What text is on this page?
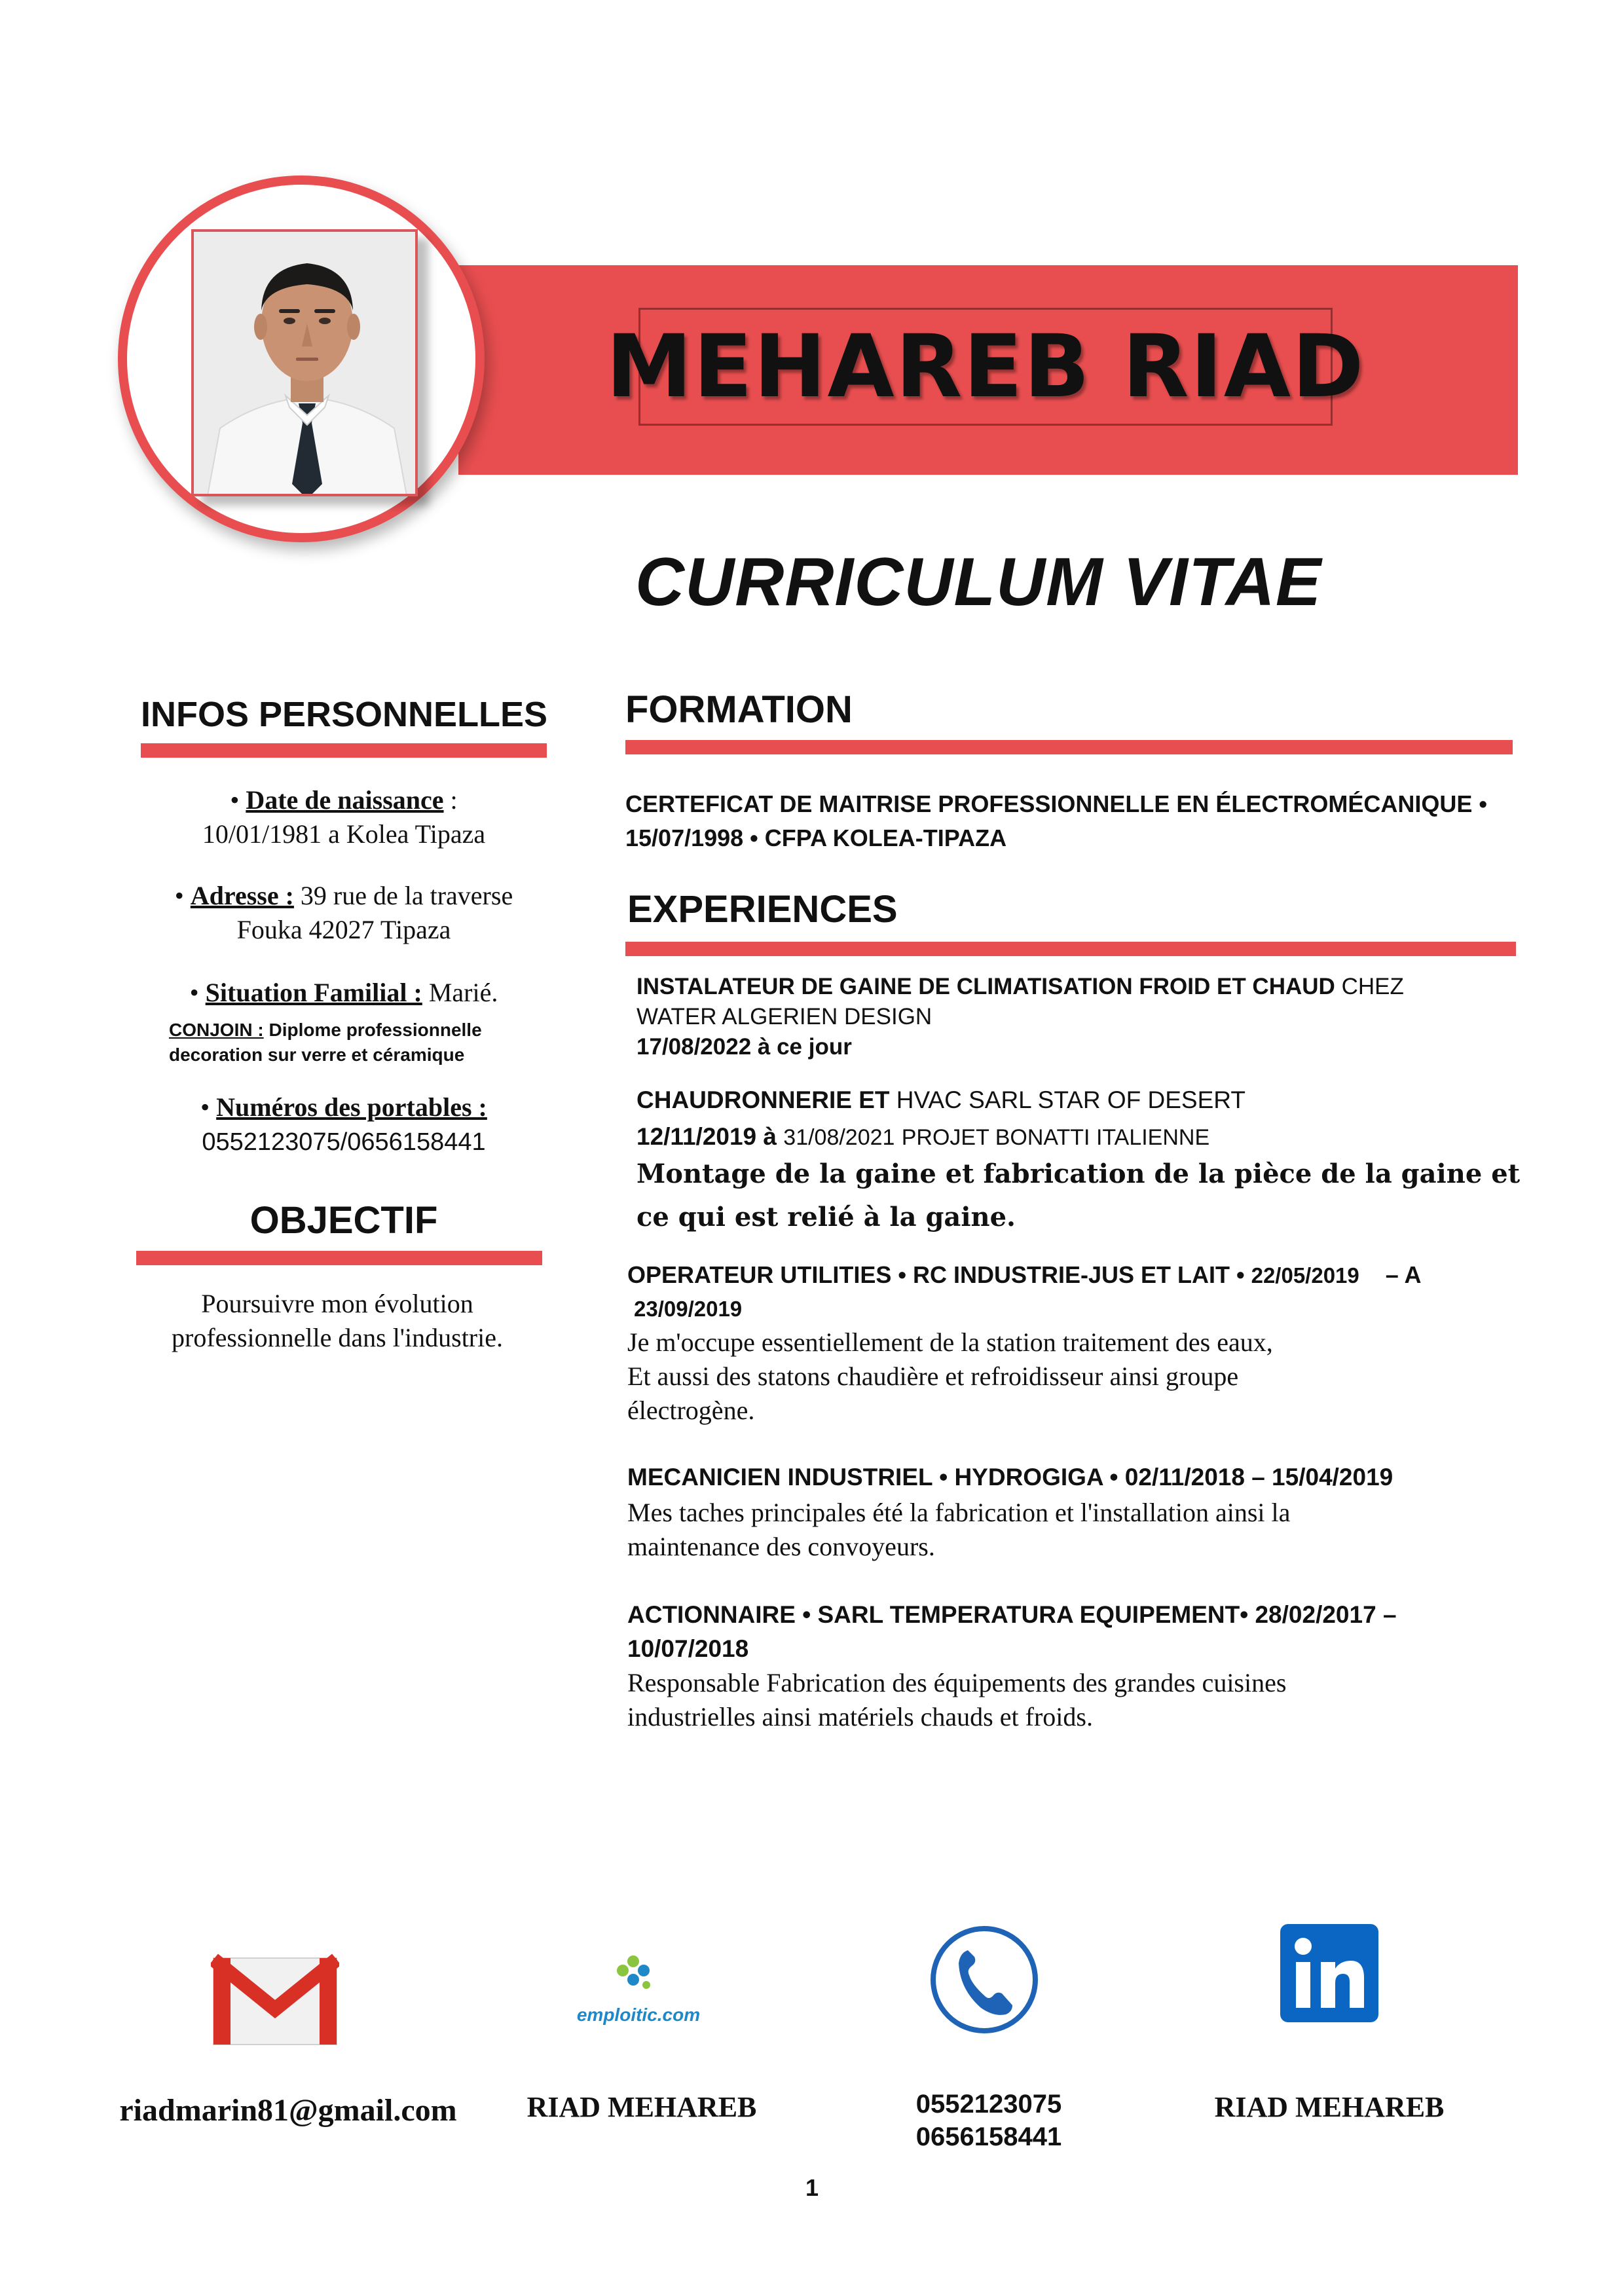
MEHAREB RIAD
CURRICULUM VITAE
INFOS PERSONNELLES
• Date de naissance :
10/01/1981 a Kolea Tipaza
• Adresse : 39 rue de la traverse Fouka 42027 Tipaza
• Situation Familial : Marié.
CONJOIN : Diplome professionnelle decoration sur verre et céramique
• Numéros des portables :
0552123075/0656158441
OBJECTIF
Poursuivre mon évolution professionnelle dans l'industrie.
FORMATION
CERTEFICAT DE MAITRISE PROFESSIONNELLE EN ÉLECTROMÉCANIQUE •
15/07/1998 • CFPA KOLEA-TIPAZA
EXPERIENCES
INSTALATEUR DE GAINE DE CLIMATISATION FROID ET CHAUD CHEZ
WATER ALGERIEN DESIGN
17/08/2022 à ce jour
CHAUDRONNERIE ET HVAC SARL STAR OF DESERT
12/11/2019 à 31/08/2021 PROJET BONATTI ITALIENNE
Montage de la gaine et fabrication de la pièce de la gaine et
ce qui est relié à la gaine.
OPERATEUR UTILITIES • RC INDUSTRIE-JUS ET LAIT • 22/05/2019 – A
23/09/2019
Je m'occupe essentiellement de la station traitement des eaux,
Et aussi des statons chaudière et refroidisseur ainsi groupe
électrogène.
MECANICIEN INDUSTRIEL • HYDROGIGA • 02/11/2018 – 15/04/2019
Mes taches principales été la fabrication et l'installation ainsi la
maintenance des convoyeurs.
ACTIONNAIRE • SARL TEMPERATURA EQUIPEMENT• 28/02/2017 –
10/07/2018
Responsable Fabrication des équipements des grandes cuisines
industrielles ainsi matériels chauds et froids.
emploitic.com
riadmarin81@gmail.com	RIAD MEHAREB	0552123075
0656158441
RIAD MEHAREB
1
